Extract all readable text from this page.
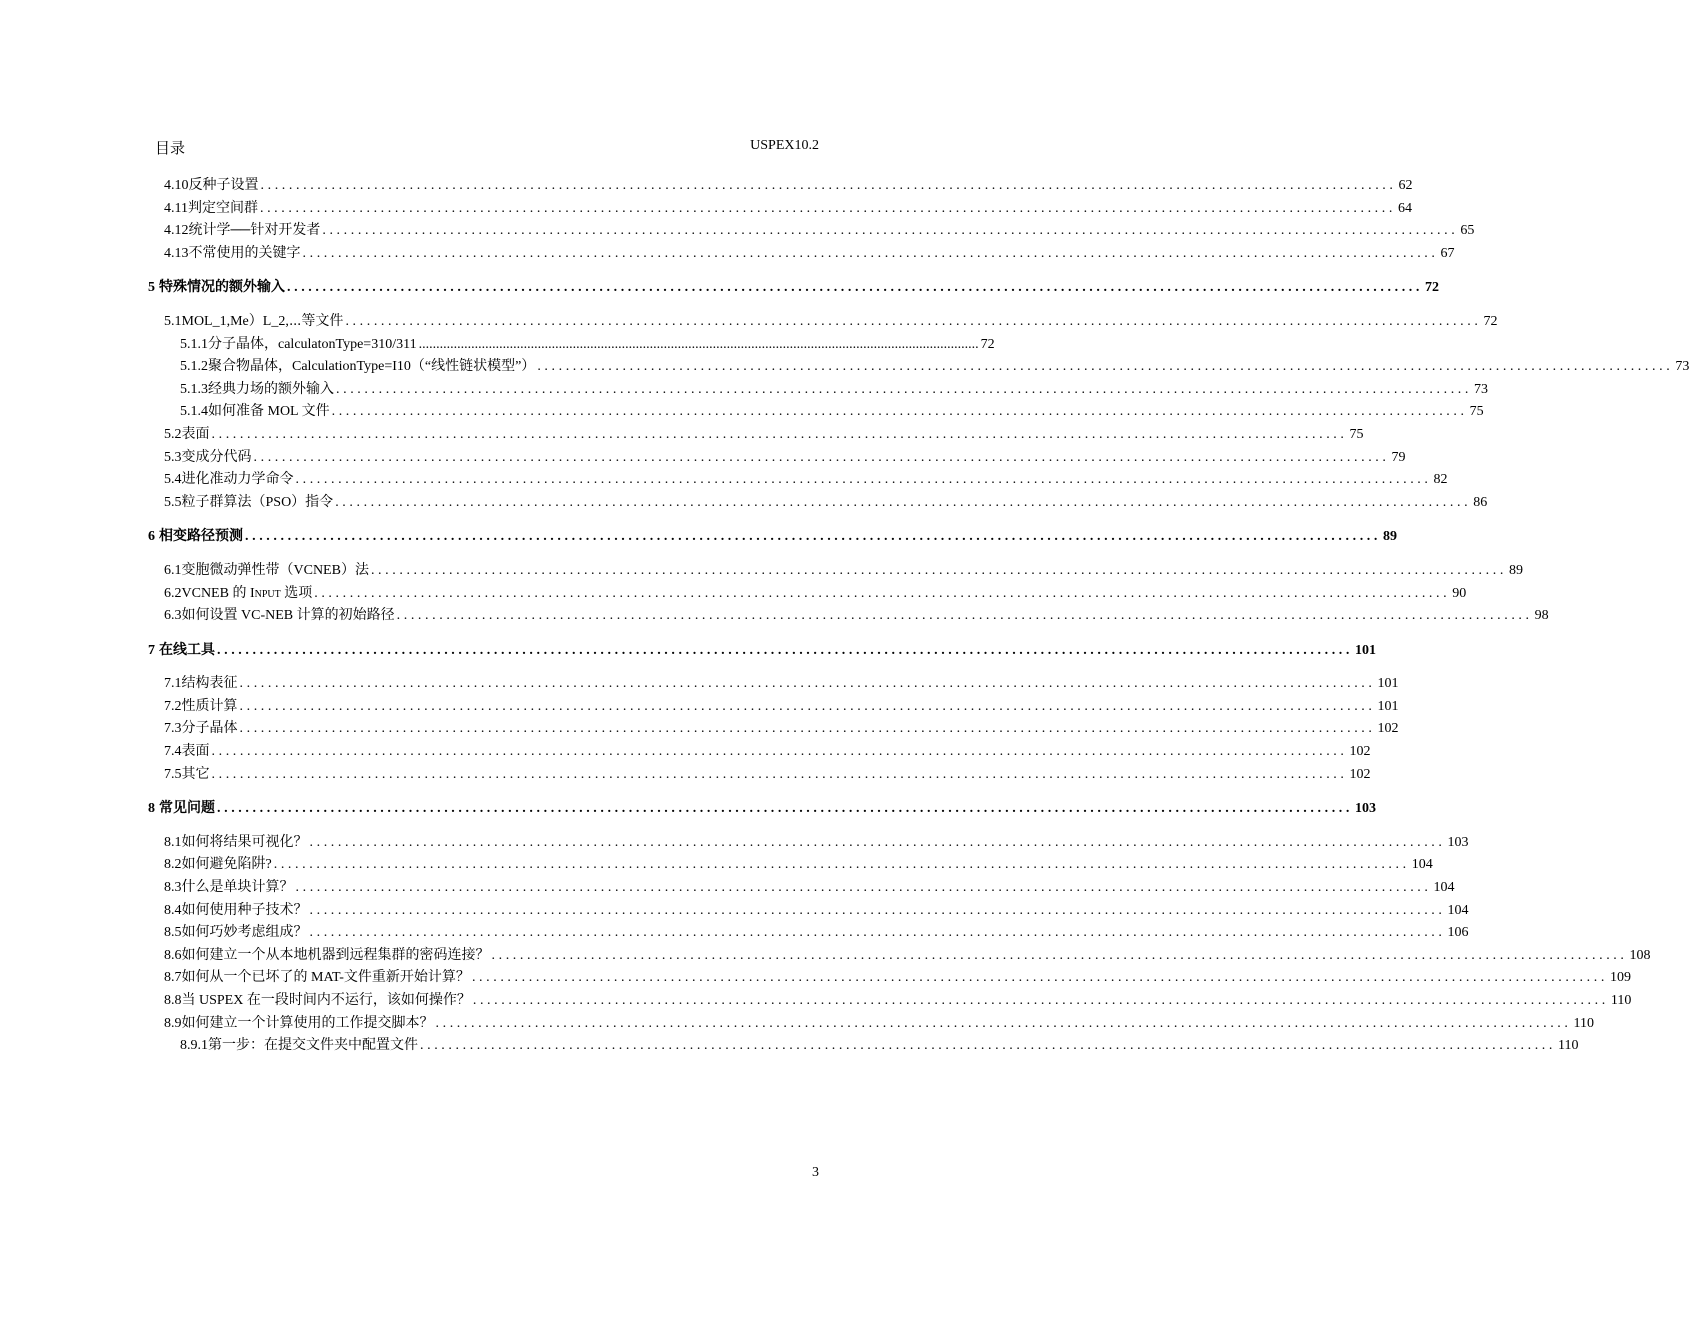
目录	USPEX10.2
4.10 反种子设置 ................................................................................................................................................................ 62
4.11 判定空间群 ................................................................................................................................................................ 64
4.12 统计学──针对开发者 ................................................................................................................................................................ 65
4.13 不常使用的关键字 ................................................................................................................................................................ 67
5 特殊情况的额外输入 ................................................................................................................................................................ 72
5.1 MOL_1,Me）L_2,⋯等文件 ................................................................................................................................................................ 72
5.1.1 分子晶体，calculatonType=310/311 ................................................................................................................................................................ 72
5.1.2 聚合物晶体，CalculationType=I10（“线性链状模型”） ................................................................................................................................................................ 73
5.1.3 经典力场的额外输入 ................................................................................................................................................................ 73
5.1.4 如何准备 MOL 文件 ................................................................................................................................................................ 75
5.2 表面 ................................................................................................................................................................ 75
5.3 变成分代码 ................................................................................................................................................................ 79
5.4 进化准动力学命令 ................................................................................................................................................................ 82
5.5 粒子群算法（PSO）指令 ................................................................................................................................................................ 86
6 相变路径预测 ................................................................................................................................................................ 89
6.1 变胞微动弹性带（VCNEB）法 ................................................................................................................................................................ 89
6.2 VCNEB 的 Input 选项 ................................................................................................................................................................ 90
6.3 如何设置 VC-NEB 计算的初始路径 ................................................................................................................................................................ 98
7 在线工具 ................................................................................................................................................................ 101
7.1 结构表征 ................................................................................................................................................................ 101
7.2 性质计算 ................................................................................................................................................................ 101
7.3 分子晶体 ................................................................................................................................................................ 102
7.4 表面 ................................................................................................................................................................ 102
7.5 其它 ................................................................................................................................................................ 102
8 常见问题 ................................................................................................................................................................ 103
8.1 如何将结果可视化？ ................................................................................................................................................................ 103
8.2 如何避免陷阱? ................................................................................................................................................................ 104
8.3 什么是单块计算？ ................................................................................................................................................................ 104
8.4 如何使用种子技术？ ................................................................................................................................................................ 104
8.5 如何巧妙考虑组成？ ................................................................................................................................................................ 106
8.6 如何建立一个从本地机器到远程集群的密码连接？ ................................................................................................................................................................ 108
8.7 如何从一个已坏了的 MAT-文件重新开始计算？ ................................................................................................................................................................ 109
8.8 当 USPEX 在一段时间内不运行，该如何操作？ ................................................................................................................................................................ 110
8.9 如何建立一个计算使用的工作提交脚本？ ................................................................................................................................................................ 110
8.9.1 第一步：在提交文件夹中配置文件 ................................................................................................................................................................ 110
3
